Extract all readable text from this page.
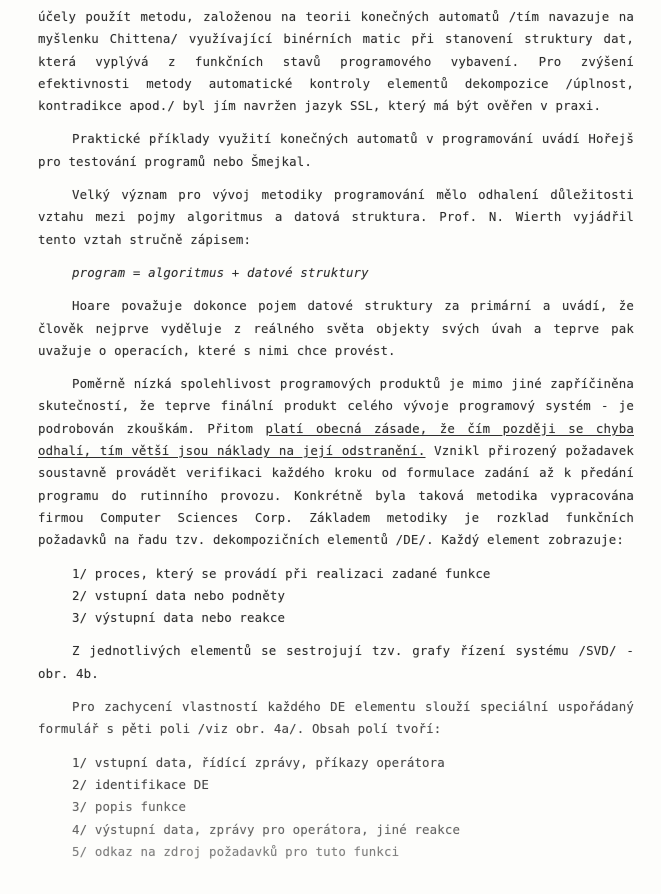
účely použít metodu, založenou na teorii konečných automatů /tím navazuje na myšlenku Chittena/ využívající binérních matic při stanovení struktury dat, která vyplývá z funkčních stavů programového vybavení. Pro zvýšení efektivnosti metody automatické kontroly elementů dekompozice /úplnost, kontradikce apod./ byl jím navržen jazyk SSL, který má být ověřen v praxi.

Praktické příklady využití konečných automatů v programování uvádí Hořejš pro testování programů nebo Šmejkal.

Velký význam pro vývoj metodiky programování mělo odhalení důležitosti vztahu mezi pojmy algoritmus a datová struktura. Prof. N. Wierth vyjádřil tento vztah stručně zápisem:

program = algoritmus + datové struktury

Hoare považuje dokonce pojem datové struktury za primární a uvádí, že člověk nejprve vyděluje z reálného světa objekty svých úvah a teprve pak uvažuje o operacích, které s nimi chce provést.

Poměrně nízká spolehlivost programových produktů je mimo jiné zapříčiněna skutečností, že teprve finální produkt celého vývoje programový systém - je podrobován zkouškám. Přitom platí obecná zásade, že čím později se chyba odhalí, tím větší jsou náklady na její odstranění. Vznikl přirozený požadavek soustavně provádět verifikaci každého kroku od formulace zadání až k předání programu do rutinního provozu. Konkrétně byla taková metodika vypracována firmou Computer Sciences Corp. Základem metodiky je rozklad funkčních požadavků na řadu tzv. dekompozičních elementů /DE/. Každý element zobrazuje:

1/ proces, který se provádí při realizaci zadané funkce
2/ vstupní data nebo podněty
3/ výstupní data nebo reakce

Z jednotlivých elementů se sestrojují tzv. grafy řízení systému /SVD/ - obr. 4b.

Pro zachycení vlastností každého DE elementu slouží speciální uspořádaný formulář s pěti poli /viz obr. 4a/. Obsah polí tvoří:

1/ vstupní data, řídící zprávy, příkazy operátora
2/ identifikace DE
3/ popis funkce
4/ výstupní data, zprávy pro operátora, jiné reakce
5/ odkaz na zdroj požadavků pro tuto funkci
